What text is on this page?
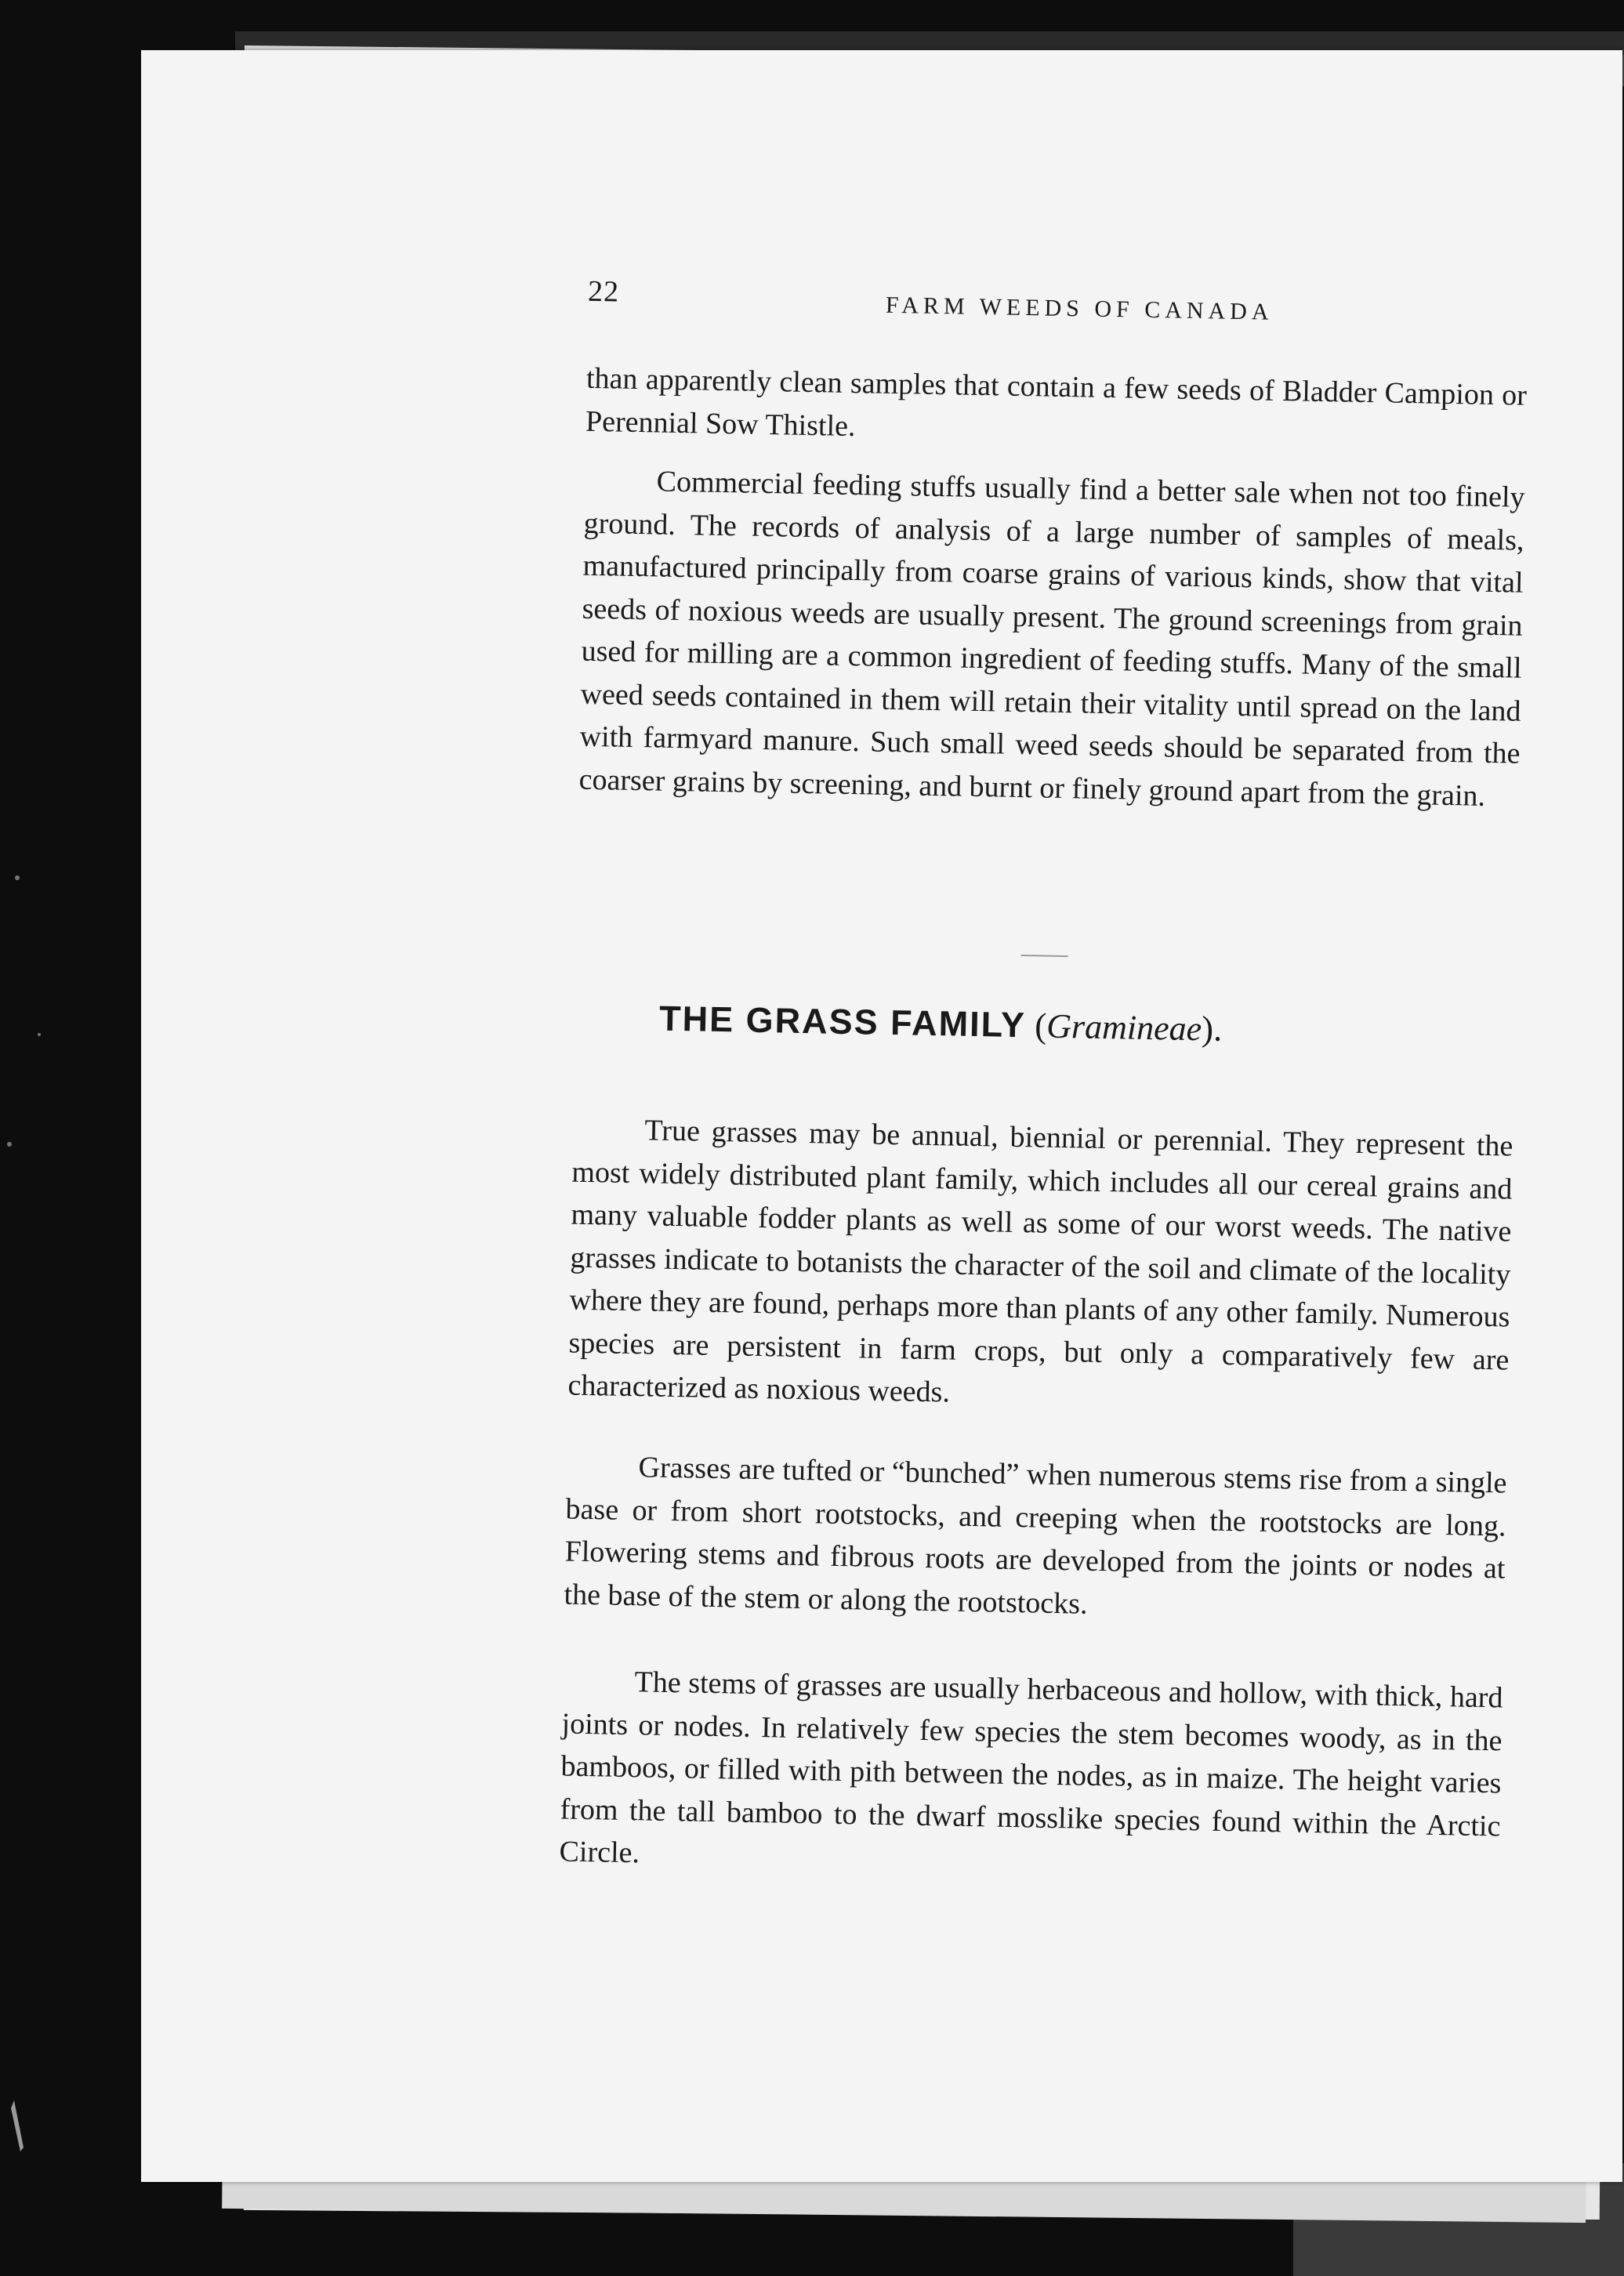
22
FARM WEEDS OF CANADA

than apparently clean samples that contain a few seeds of Bladder Campion or Perennial Sow Thistle.

Commercial feeding stuffs usually find a better sale when not too finely ground. The records of analysis of a large number of samples of meals, manufactured principally from coarse grains of various kinds, show that vital seeds of noxious weeds are usually present. The ground screenings from grain used for milling are a common ingredient of feeding stuffs. Many of the small weed seeds contained in them will retain their vitality until spread on the land with farmyard manure. Such small weed seeds should be separated from the coarser grains by screening, and burnt or finely ground apart from the grain.

THE GRASS FAMILY (Gramineae).

True grasses may be annual, biennial or perennial. They represent the most widely distributed plant family, which includes all our cereal grains and many valuable fodder plants as well as some of our worst weeds. The native grasses indicate to botanists the character of the soil and climate of the locality where they are found, perhaps more than plants of any other family. Numerous species are persistent in farm crops, but only a comparatively few are characterized as noxious weeds.

Grasses are tufted or “bunched” when numerous stems rise from a single base or from short rootstocks, and creeping when the rootstocks are long. Flowering stems and fibrous roots are developed from the joints or nodes at the base of the stem or along the rootstocks.

The stems of grasses are usually herbaceous and hollow, with thick, hard joints or nodes. In relatively few species the stem becomes woody, as in the bamboos, or filled with pith between the nodes, as in maize. The height varies from the tall bamboo to the dwarf mosslike species found within the Arctic Circle.
